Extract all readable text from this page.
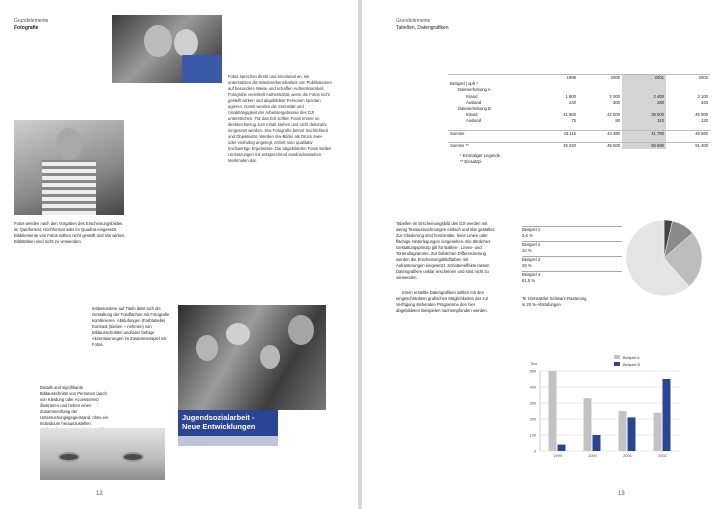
Grundelemente
Fotografie
Fotos sprechen direkt und emotional an, sie unterstützen die Wiedererkennbarkeit von Publikationen auf besondere Weise und schaffen Aufmerksamkeit. Fotografie vermittelt Authentizität, wenn die Fotos nicht gestellt wirken und abgebildete Personen spontan agieren. Damit werden die Seriosität und Unabhängigkeit der Arbeitsergebnisse des DJI unterstrichen. Für das DJI sollten Fotos immer im direkten Bezug zum Inhalt stehen und nicht dekorativ eingesetzt werden. S/w-Fotografie betont Sachlichkeit und Objektivität. Werden s/w-Bilder als Druck zwei- oder vierfarbig angelegt, erzielt man qualitativ hochwertige Ergebnisse. Die abgebildeten Fotos stellen Umsetzungen mit entsprechend ausdrucksstarken Merkmalen dar.
Fotos werden nach den Vorgaben des Erscheinungsbildes im Querformat, Hochformat oder im Quadrat eingesetzt. Bildelemente von Fotos sollten nicht gestellt und s/w wirken, Bildstärken sind nicht zu verwenden.
Insbesondere auf Titeln lässt sich die Gestaltung der Fotoflächen mit Fotografie kombinieren. Abstufungen (Farbtabelle) Kontrast (sieben ~ nehmen) von Bildausschnitten und/oder farbige Akzentuierungen im Zusammenspiel mit Fotos.
Details und signifikante Bildausschnitte von Personen (auch von Kleidung oder Accessoires) illustrieren und heben einen Zusammenhang der Untersuchungsgegenstand, ohne ein Individuum herauszustellen.
Jugendsozialarbeit -
Neue Entwicklungen
12
Grundelemente
Tabellen, Datengrafiken
	1999	2000	2001	2002
Beispiel | opft *				
Datenerhebung A				
Inland	1 800	2 000	2 400	3 100
Ausland	240	300	280	340
Datenerhebung B				
Inland	41 800	42 000	39 000	45 000
Ausland	75	80	110	120

Summe	43 115	44 380	41 790	48 560

Summe **	45 040	46 500	50 680	51 400
* Einmaliger Legende
** Einsatzpi
Tabellen im Erscheinungsbild des DJI werden mit wenig Textauszeichnungen einfach und klar gestaltet. Zur Gliederung sind horizontale, feine Linien oder flächige Hinterlegungen vorgesehen. Ein ähnliches Gestaltungsprinzip gilt für Balken-, Linien- und Tortendiagramme. Zur farblichen Differenzierung werden die Erscheinungsbildfarben mit Aufrasterungen eingesetzt. Schatteneffekte lassen Datengrafiken unklar erscheinen und sind nicht zu verwenden.
Intern erstellte Datengrafiken sollten mit den eingeschränkten grafischen Möglichkeiten der zur Verfügung stehenden Programme den hier abgebildeten Beispielen nachempfunden werden.
Beispiel 1
3,6 %
Beispiel 2
10 %
Beispiel 3
25 %
Beispiel 4
61,5 %
Te Homsätzlet Schwarz-Rasterung
in 20 %-Abstufungen
0
100
200
300
400
500
Text
1999	2000	2001	2002
Beispiel A
Beispiel B
13
